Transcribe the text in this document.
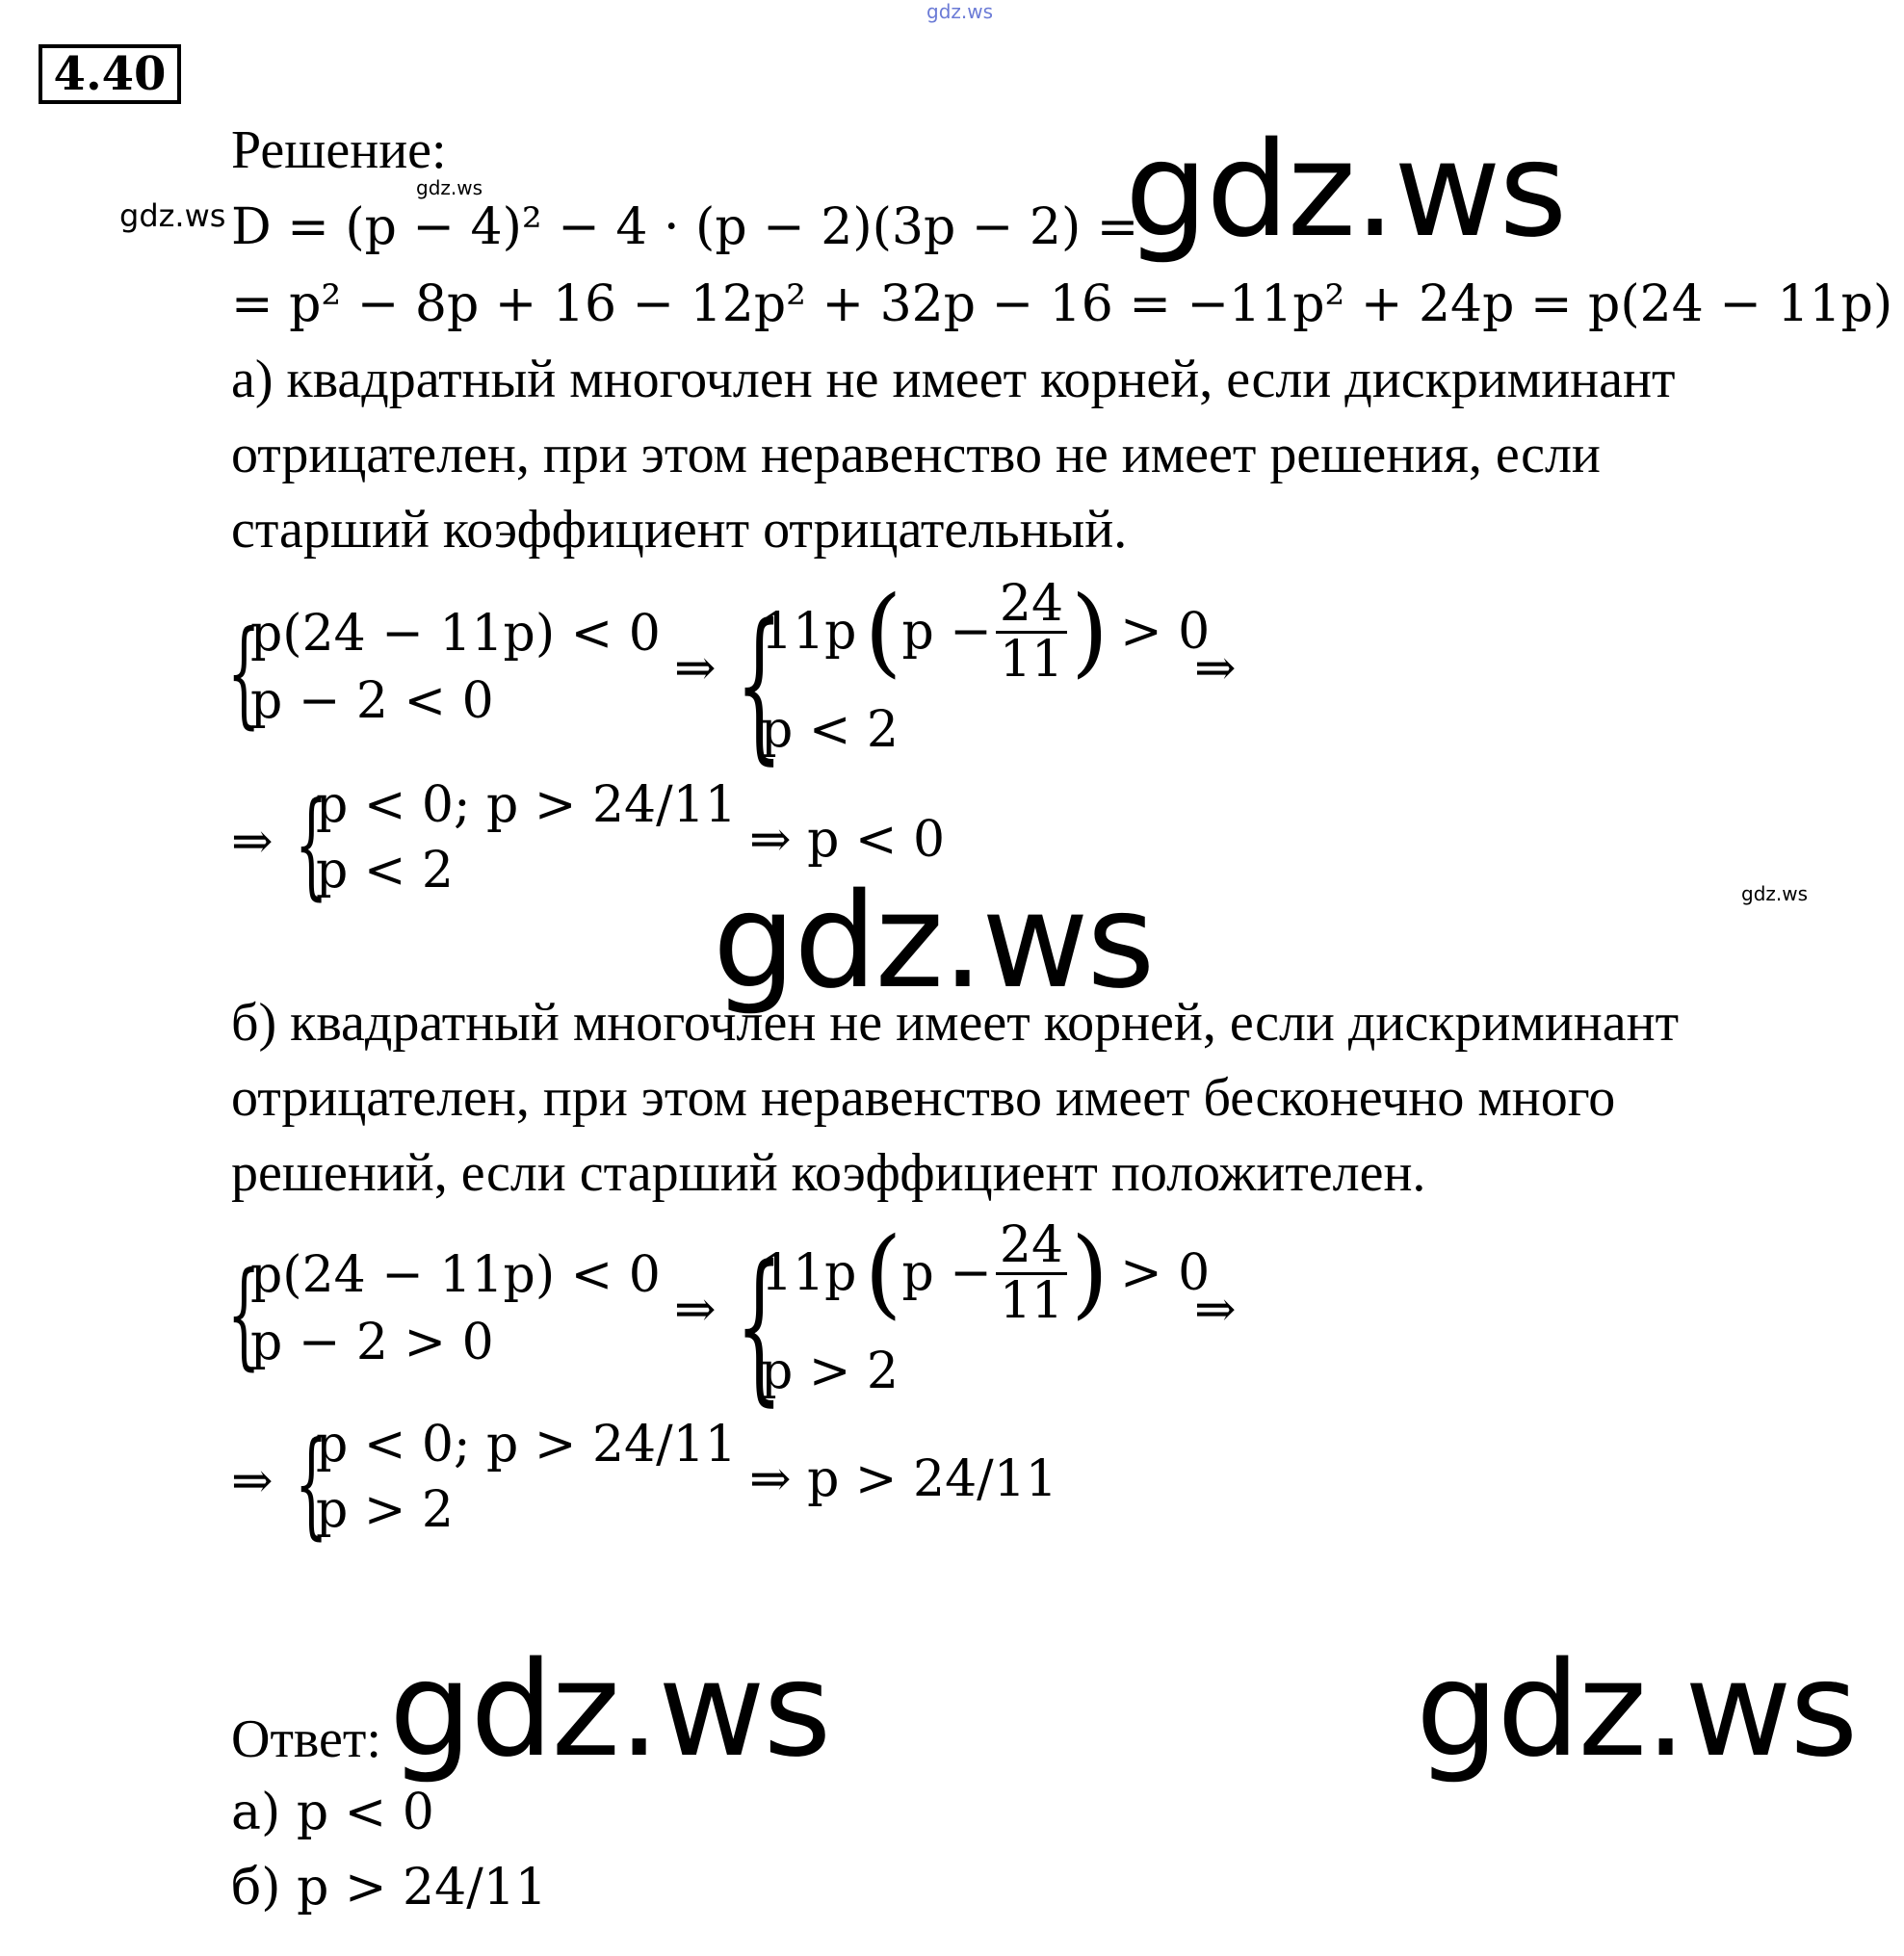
gdz.ws
4.40
Решение:
gdz.ws
gdz.ws D = (p − 4)² − 4 · (p − 2)(3p − 2) =
gdz.ws
= p² − 8p + 16 − 12p² + 32p − 16 = −11p² + 24p = p(24 − 11p)
а) квадратный многочлен не имеет корней, если дискриминант
отрицателен, при этом неравенство не имеет решения, если
старший коэффициент отрицательный.
{
p(24 − 11p) < 0
p − 2 < 0
⇒ {
11p ( $p - \frac{24}{11}$ ) > 0
p < 2
⇒
⇒ {
p < 0; p > 24/11
p < 2
⇒ p < 0
gdz.ws
gdz.ws
б) квадратный многочлен не имеет корней, если дискриминант
отрицателен, при этом неравенство имеет бесконечно много
решений, если старший коэффициент положителен.
{
p(24 − 11p) < 0
p − 2 > 0
⇒ {
11p ( $p - \frac{24}{11}$ ) > 0
p > 2
⇒
⇒ {
p < 0; p > 24/11
p > 2
⇒ p > 24/11
Ответ: gdz.ws	gdz.ws
а) p < 0
б) p > 24/11
